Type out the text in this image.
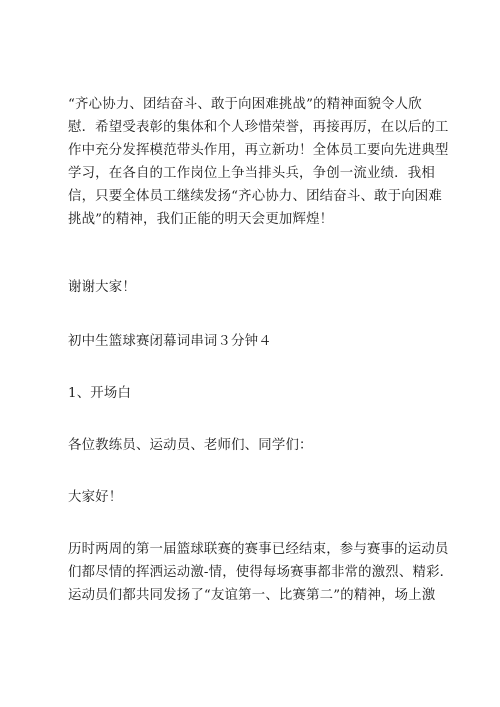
“齐心协力、团结奋斗、敢于向困难挑战”的精神面貌令人欣
慰．希望受表彰的集体和个人珍惜荣誉，再接再厉，在以后的工
作中充分发挥模范带头作用，再立新功！全体员工要向先进典型
学习，在各自的工作岗位上争当排头兵，争创一流业绩．我相
信，只要全体员工继续发扬“齐心协力、团结奋斗、敢于向困难
挑战”的精神，我们正能的明天会更加辉煌！

谢谢大家！

初中生篮球赛闭幕词串词３分钟４

1、开场白

各位教练员、运动员、老师们、同学们：

大家好！

历时两周的第一届篮球联赛的赛事已经结束，参与赛事的运动员
们都尽情的挥洒运动激-情，使得每场赛事都非常的激烈、精彩．
运动员们都共同发扬了“友谊第一、比赛第二”的精神，场上激
